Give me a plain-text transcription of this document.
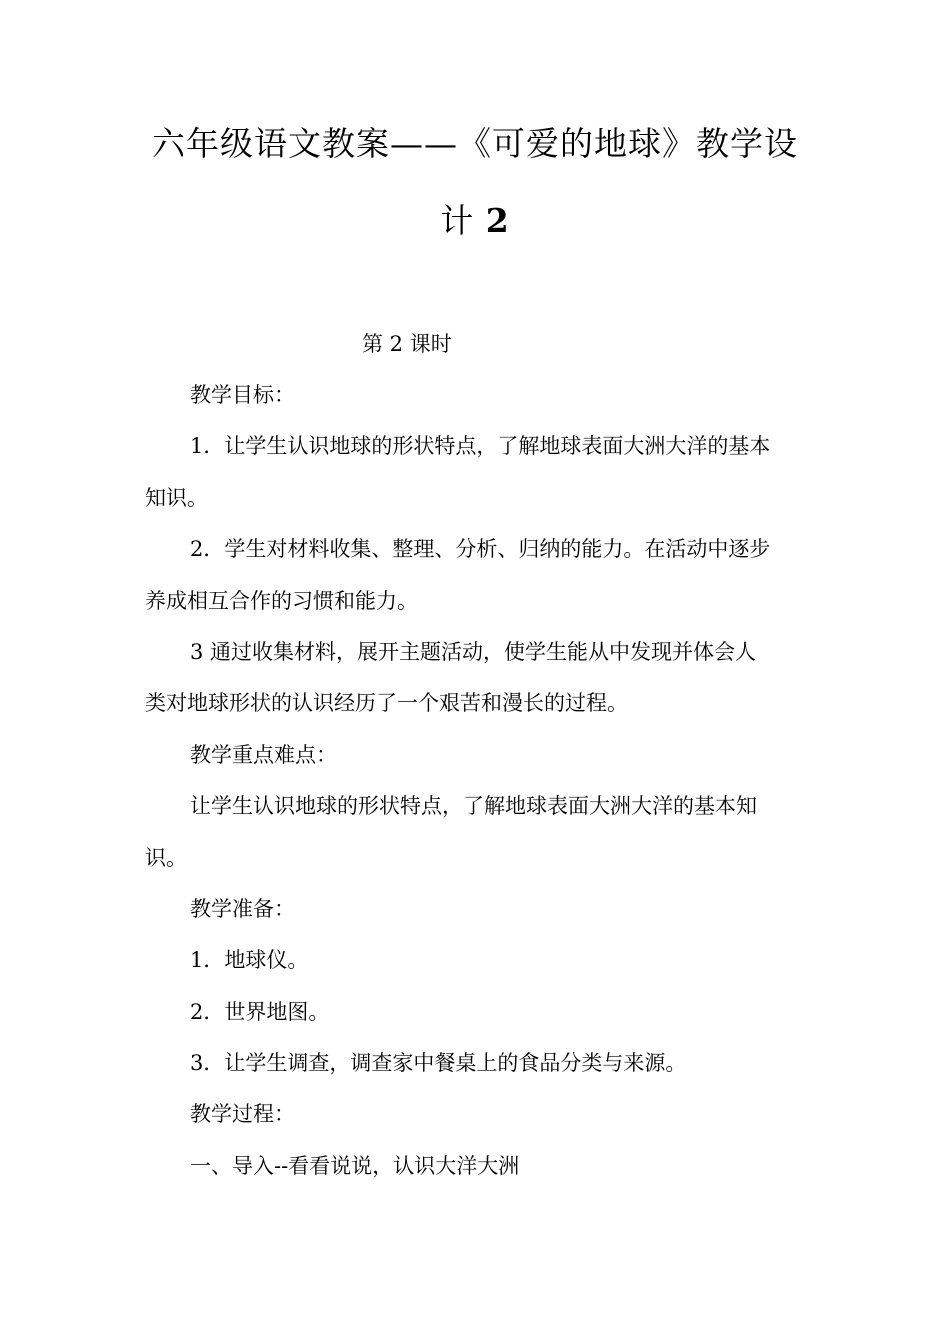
六年级语文教案——《可爱的地球》教学设
计 2
第 2 课时
教学目标：
1．让学生认识地球的形状特点，了解地球表面大洲大洋的基本
知识。
2．学生对材料收集、整理、分析、归纳的能力。在活动中逐步
养成相互合作的习惯和能力。
3 通过收集材料，展开主题活动，使学生能从中发现并体会人
类对地球形状的认识经历了一个艰苦和漫长的过程。
教学重点难点：
让学生认识地球的形状特点，了解地球表面大洲大洋的基本知
识。
教学准备：
1．地球仪。
2．世界地图。
3．让学生调查，调查家中餐桌上的食品分类与来源。
教学过程：
一、导入--看看说说，认识大洋大洲
